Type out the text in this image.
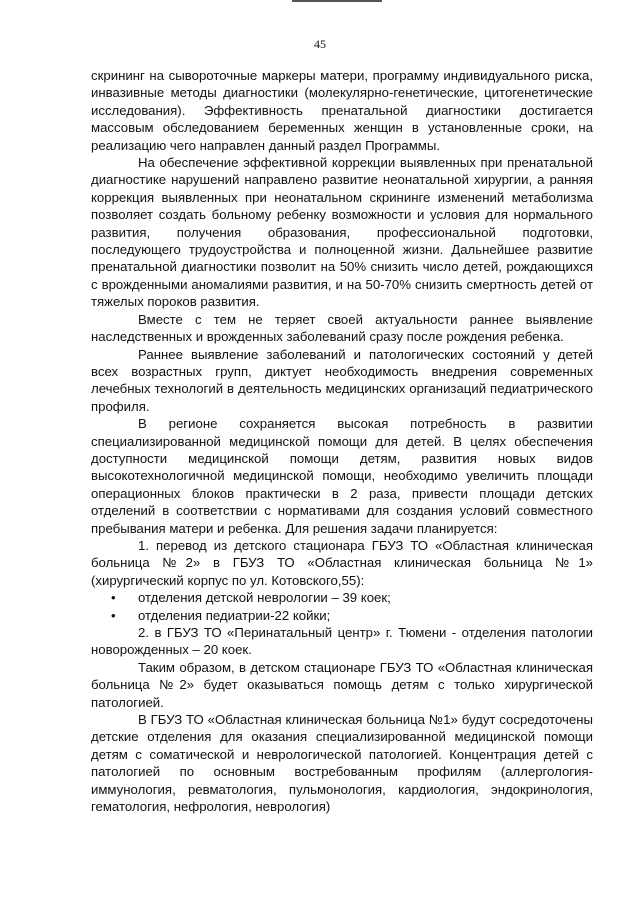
45

скрининг на сывороточные маркеры матери, программу индивидуального риска, инвазивные методы диагностики (молекулярно-генетические, цитогенетические исследования). Эффективность пренатальной диагностики достигается массовым обследованием беременных женщин в установленные сроки, на реализацию чего направлен данный раздел Программы.

На обеспечение эффективной коррекции выявленных при пренатальной диагностике нарушений направлено развитие неонатальной хирургии, а ранняя коррекция выявленных при неонатальном скрининге изменений метаболизма позволяет создать больному ребенку возможности и условия для нормального развития, получения образования, профессиональной подготовки, последующего трудоустройства и полноценной жизни. Дальнейшее развитие пренатальной диагностики позволит на 50% снизить число детей, рождающихся с врожденными аномалиями развития, и на 50-70% снизить смертность детей от тяжелых пороков развития.

Вместе с тем не теряет своей актуальности раннее выявление наследственных и врожденных заболеваний сразу после рождения ребенка.

Раннее выявление заболеваний и патологических состояний у детей всех возрастных групп, диктует необходимость внедрения современных лечебных технологий в деятельность медицинских организаций педиатрического профиля.

В регионе сохраняется высокая потребность в развитии специализированной медицинской помощи для детей. В целях обеспечения доступности медицинской помощи детям, развития новых видов высокотехнологичной медицинской помощи, необходимо увеличить площади операционных блоков практически в 2 раза, привести площади детских отделений в соответствии с нормативами для создания условий совместного пребывания матери и ребенка. Для решения задачи планируется:

1. перевод из детского стационара ГБУЗ ТО «Областная клиническая больница №2» в ГБУЗ ТО «Областная клиническая больница №1» (хирургический корпус по ул. Котовского,55):

• отделения детской неврологии – 39 коек;

• отделения педиатрии-22 койки;

2. в ГБУЗ ТО «Перинатальный центр» г. Тюмени - отделения патологии новорожденных – 20 коек.

Таким образом, в детском стационаре ГБУЗ ТО «Областная клиническая больница №2» будет оказываться помощь детям с только хирургической патологией.

В ГБУЗ ТО «Областная клиническая больница №1» будут сосредоточены детские отделения для оказания специализированной медицинской помощи детям с соматической и неврологической патологией. Концентрация детей с патологией по основным востребованным профилям (аллергология-иммунология, ревматология, пульмонология, кардиология, эндокринология, гематология, нефрология, неврология)
